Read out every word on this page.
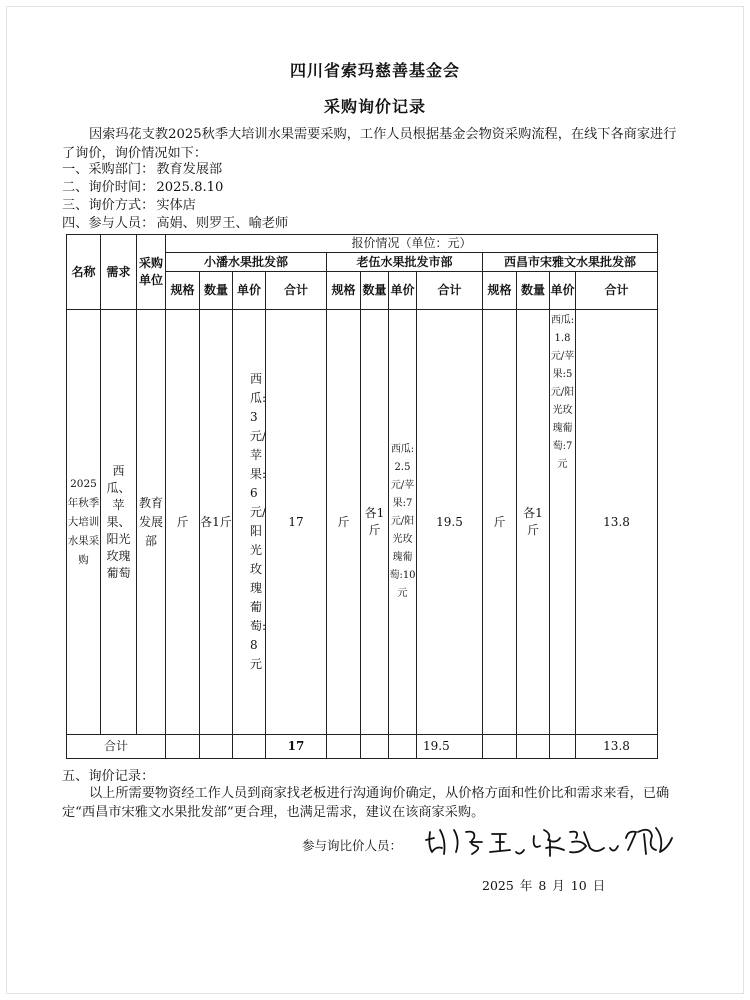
四川省索玛慈善基金会
采购询价记录

因索玛花支教2025秋季大培训水果需要采购，工作人员根据基金会物资采购流程，在线下各商家进行了询价，询价情况如下：

一、采购部门： 教育发展部
二、询价时间： 2025.8.10
三、询价方式： 实体店
四、参与人员： 高娟、则罗王、喻老师
名称	需求	采购单位	报价情况（单位：元）											
			小潘水果批发部				老伍水果批发市部				西昌市宋雅文水果批发部			
			规格	数量	单价	合计	规格	数量	单价	合计	规格	数量	单价	合计
2025年秋季大培训水果采购	西瓜、苹果、阳光玫瑰葡萄	教育发展部	斤	各1斤	西瓜:3元/苹果:6元/阳光玫瑰葡萄:8元	17	斤	各1斤	西瓜:2.5元/苹果:7元/阳光玫瑰葡萄:10元	19.5	斤	各1斤	西瓜:1.8元/苹果:5元/阳光玫瑰葡萄:7元	13.8
合计						17				19.5				13.8
五、询价记录：

以上所需要物资经工作人员到商家找老板进行沟通询价确定，从价格方面和性价比和需求来看，已确定“西昌市宋雅文水果批发部”更合理，也满足需求，建议在该商家采购。

参与询比价人员：
2025 年 8 月 10 日
